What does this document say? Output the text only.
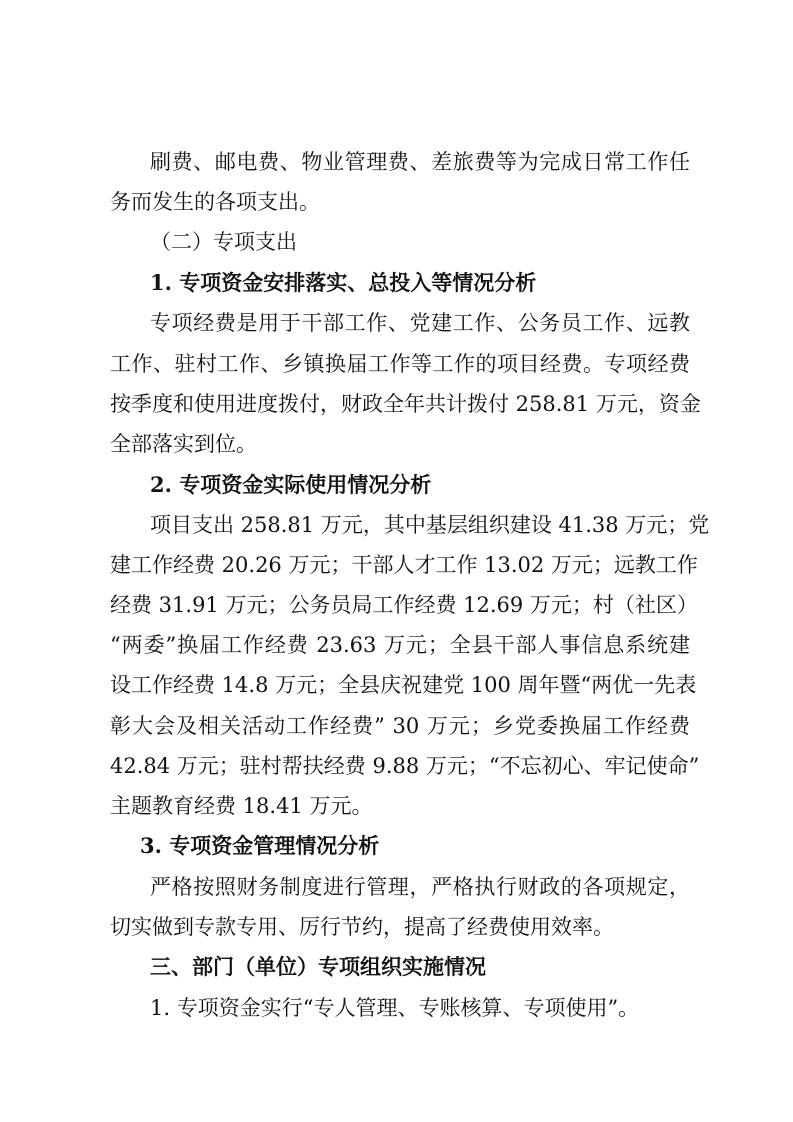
刷费、邮电费、物业管理费、差旅费等为完成日常工作任
务而发生的各项支出。
（二）专项支出
1. 专项资金安排落实、总投入等情况分析
专项经费是用于干部工作、党建工作、公务员工作、远教
工作、驻村工作、乡镇换届工作等工作的项目经费。专项经费
按季度和使用进度拨付，财政全年共计拨付 258.81 万元，资金
全部落实到位。
2. 专项资金实际使用情况分析
项目支出 258.81 万元，其中基层组织建设 41.38 万元；党
建工作经费 20.26 万元；干部人才工作 13.02 万元；远教工作
经费 31.91 万元；公务员局工作经费 12.69 万元；村（社区）
“两委”换届工作经费 23.63 万元；全县干部人事信息系统建
设工作经费 14.8 万元；全县庆祝建党 100 周年暨“两优一先表
彰大会及相关活动工作经费” 30 万元；乡党委换届工作经费
42.84 万元；驻村帮扶经费 9.88 万元；“不忘初心、牢记使命”
主题教育经费 18.41 万元。
3. 专项资金管理情况分析
严格按照财务制度进行管理，严格执行财政的各项规定，
切实做到专款专用、厉行节约，提高了经费使用效率。
三、部门（单位）专项组织实施情况
1. 专项资金实行“专人管理、专账核算、专项使用”。
